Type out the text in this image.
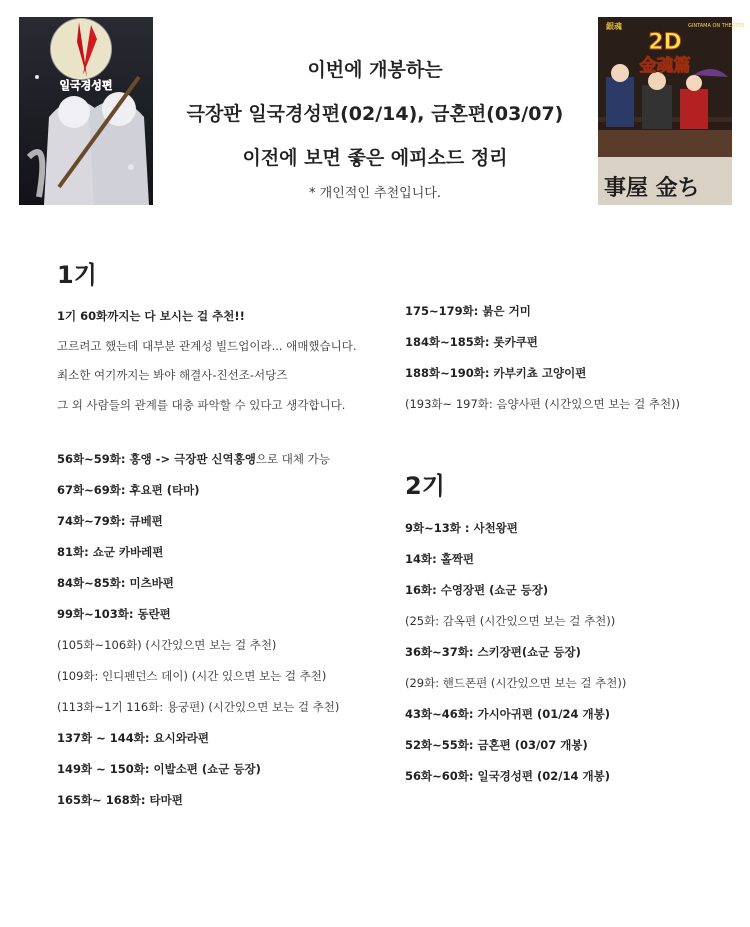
일국경성편
銀魂	GINTAMA ON THEATER
2D
金魂篇
事屋 金ち
이번에 개봉하는
극장판 일국경성편(02/14), 금혼편(03/07)
이전에 보면 좋은 에피소드 정리
* 개인적인 추천입니다.
1기
1기 60화까지는 다 보시는 걸 추천!!
고르려고 했는데 대부분 관계성 빌드업이라... 애매했습니다.
최소한 여기까지는 봐야 해결사-진선조-서당즈
그 외 사람들의 관계를 대충 파악할 수 있다고 생각합니다.
56화~59화: 홍앵 -> 극장판 신역홍앵으로 대체 가능
67화~69화: 후요편 (타마)
74화~79화: 큐베편
81화: 쇼군 카바레편
84화~85화: 미츠바편
99화~103화: 동란편
(105화~106화) (시간있으면 보는 걸 추천)
(109화: 인디펜던스 데이) (시간 있으면 보는 걸 추천)
(113화~1기 116화: 용궁편) (시간있으면 보는 걸 추천)
137화 ~ 144화: 요시와라편
149화 ~ 150화: 이발소편 (쇼군 등장)
165화~ 168화: 타마편
175~179화: 붉은 거미
184화~185화: 롯카쿠편
188화~190화: 카부키쵸 고양이편
(193화~ 197화: 음양사편 (시간있으면 보는 걸 추천))
2기
9화~13화 : 사천왕편
14화: 홀짝편
16화: 수영장편 (쇼군 등장)
(25화: 감옥편 (시간있으면 보는 걸 추천))
36화~37화: 스키장편(쇼군 등장)
(29화: 핸드폰편 (시간있으면 보는 걸 추천))
43화~46화: 가시아귀편 (01/24 개봉)
52화~55화: 금혼편 (03/07 개봉)
56화~60화: 일국경성편 (02/14 개봉)
